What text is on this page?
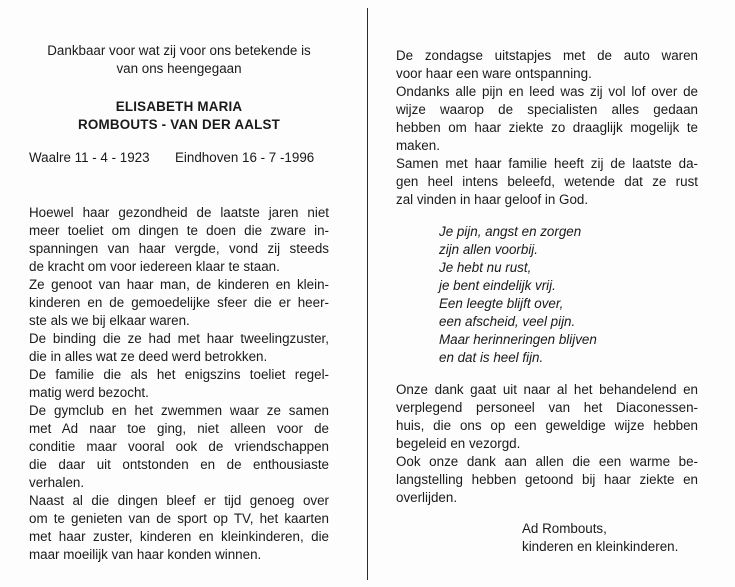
Dankbaar voor wat zij voor ons betekende is
van ons heengegaan
ELISABETH MARIA
ROMBOUTS - VAN DER AALST
Hoewel haar gezondheid de laatste jaren niet
meer toeliet om dingen te doen die zware in-
spanningen van haar vergde, vond zij steeds
de kracht om voor iedereen klaar te staan.
Ze genoot van haar man, de kinderen en klein-
kinderen en de gemoedelijke sfeer die er heer-
ste als we bij elkaar waren.
De binding die ze had met haar tweelingzuster,
die in alles wat ze deed werd betrokken.
De familie die als het enigszins toeliet regel-
matig werd bezocht.
De gymclub en het zwemmen waar ze samen
met Ad naar toe ging, niet alleen voor de
conditie maar vooral ook de vriendschappen
die daar uit ontstonden en de enthousiaste
verhalen.
Naast al die dingen bleef er tijd genoeg over
om te genieten van de sport op TV, het kaarten
met haar zuster, kinderen en kleinkinderen, die
maar moeilijk van haar konden winnen.
Waalre 11 - 4 - 1923 Eindhoven 16 - 7 -1996
De zondagse uitstapjes met de auto waren
voor haar een ware ontspanning.
Ondanks alle pijn en leed was zij vol lof over de
wijze waarop de specialisten alles gedaan
hebben om haar ziekte zo draaglijk mogelijk te
maken.
Samen met haar familie heeft zij de laatste da-
gen heel intens beleefd, wetende dat ze rust
zal vinden in haar geloof in God.
Je pijn, angst en zorgen
zijn allen voorbij.
Je hebt nu rust,
je bent eindelijk vrij.
Een leegte blijft over,
een afscheid, veel pijn.
Maar herinneringen blijven
en dat is heel fijn.
Onze dank gaat uit naar al het behandelend en
verplegend personeel van het Diaconessen-
huis, die ons op een geweldige wijze hebben
begeleid en vezorgd.
Ook onze dank aan allen die een warme be-
langstelling hebben getoond bij haar ziekte en
overlijden.
Ad Rombouts,
kinderen en kleinkinderen.
